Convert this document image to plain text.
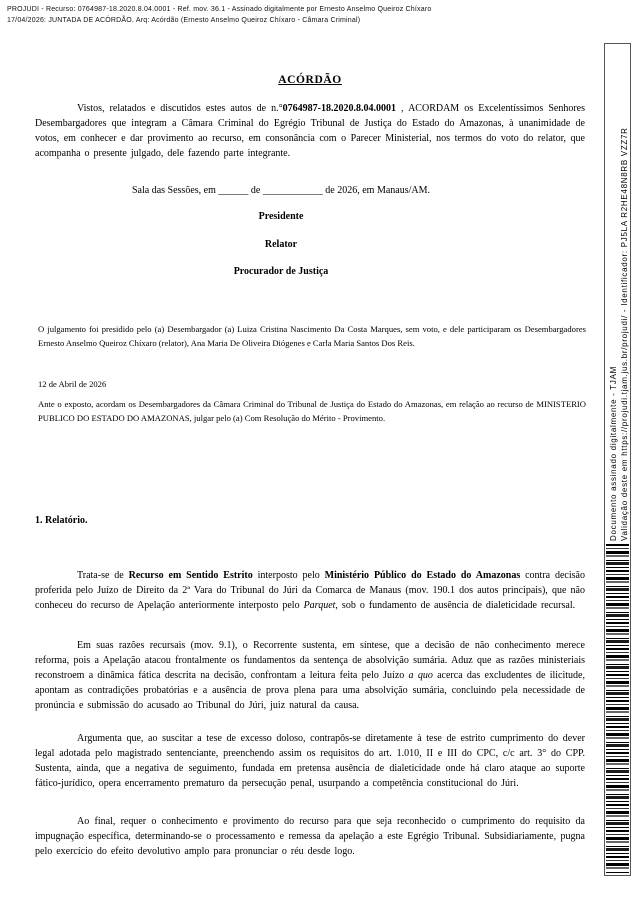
PROJUDI - Recurso: 0764987-18.2020.8.04.0001 - Ref. mov. 36.1 - Assinado digitalmente por Ernesto Anselmo Queiroz Chíxaro
17/04/2026: JUNTADA DE ACÓRDÃO. Arq: Acórdão (Ernesto Anselmo Queiroz Chíxaro - Câmara Criminal)
ACÓRDÃO
Vistos, relatados e discutidos estes autos de n.°0764987-18.2020.8.04.0001 , ACORDAM os Excelentíssimos Senhores Desembargadores que integram a Câmara Criminal do Egrégio Tribunal de Justiça do Estado do Amazonas, à unanimidade de votos, em conhecer e dar provimento ao recurso, em consonância com o Parecer Ministerial, nos termos do voto do relator, que acompanha o presente julgado, dele fazendo parte integrante.
Sala das Sessões, em ______ de ____________ de 2026, em Manaus/AM.
Presidente
Relator
Procurador de Justiça
O julgamento foi presidido pelo (a) Desembargador (a) Luiza Cristina Nascimento Da Costa Marques, sem voto, e dele participaram os Desembargadores Ernesto Anselmo Queiroz Chíxaro (relator), Ana Maria De Oliveira Diógenes e Carla Maria Santos Dos Reis.
12 de Abril de 2026
Ante o exposto, acordam os Desembargadores da Câmara Criminal do Tribunal de Justiça do Estado do Amazonas, em relação ao recurso de MINISTERIO PUBLICO DO ESTADO DO AMAZONAS, julgar pelo (a) Com Resolução do Mérito - Provimento.
1. Relatório.
Trata-se de Recurso em Sentido Estrito interposto pelo Ministério Público do Estado do Amazonas contra decisão proferida pelo Juízo de Direito da 2ª Vara do Tribunal do Júri da Comarca de Manaus (mov. 190.1 dos autos principais), que não conheceu do recurso de Apelação anteriormente interposto pelo Parquet, sob o fundamento de ausência de dialeticidade recursal.
Em suas razões recursais (mov. 9.1), o Recorrente sustenta, em síntese, que a decisão de não conhecimento merece reforma, pois a Apelação atacou frontalmente os fundamentos da sentença de absolvição sumária. Aduz que as razões ministeriais reconstroem a dinâmica fática descrita na decisão, confrontam a leitura feita pelo Juízo a quo acerca das excludentes de ilicitude, apontam as contradições probatórias e a ausência de prova plena para uma absolvição sumária, concluindo pela necessidade de pronúncia e submissão do acusado ao Tribunal do Júri, juiz natural da causa.
Argumenta que, ao suscitar a tese de excesso doloso, contrapôs-se diretamente à tese de estrito cumprimento do dever legal adotada pelo magistrado sentenciante, preenchendo assim os requisitos do art. 1.010, II e III do CPC, c/c art. 3° do CPP. Sustenta, ainda, que a negativa de seguimento, fundada em pretensa ausência de dialeticidade onde há claro ataque ao suporte fático-jurídico, opera encerramento prematuro da persecução penal, usurpando a competência constitucional do Júri.
Ao final, requer o conhecimento e provimento do recurso para que seja reconhecido o cumprimento do requisito da impugnação específica, determinando-se o processamento e remessa da apelação a este Egrégio Tribunal. Subsidiariamente, pugna pelo exercício do efeito devolutivo amplo para pronunciar o réu desde logo.
Documento assinado digitalmente - TJAM Validação deste em https://projudi.tjam.jus.br/projudi/ - Identificador: PJ5LA R2HE48N8RB VZZ7R
